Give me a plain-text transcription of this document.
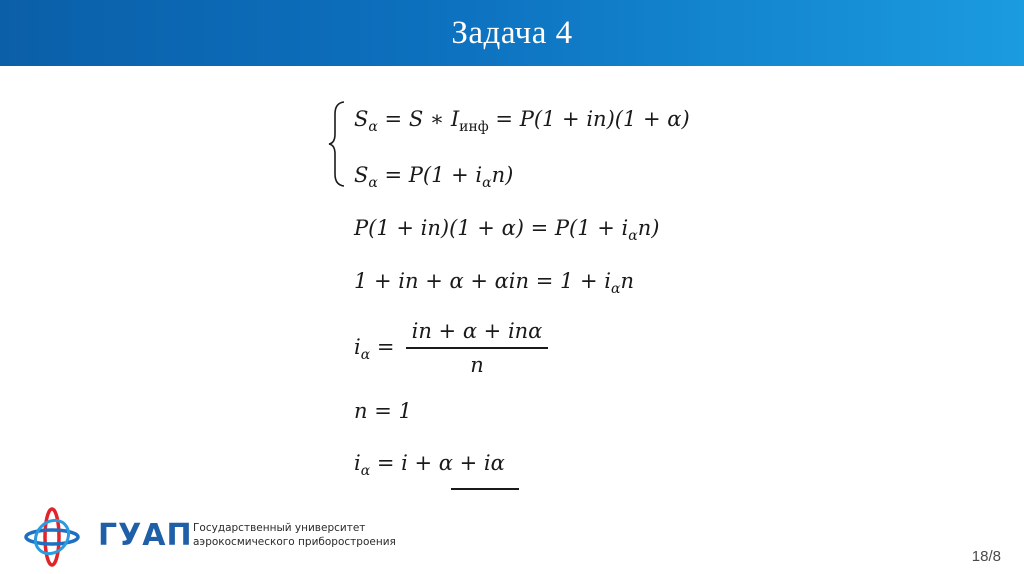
Задача 4
$S_\alpha = S$ ∗ $I_{инф} = P(1 + in)(1 + \alpha)$
$S_\alpha = P(1 + i_\alpha n)$
$P(1 + in)(1 + \alpha) = P(1 + i_\alpha n)$
1 + in + $\alpha + \alpha in = 1 + i_\alpha n$
$i_\alpha$ =
in + α + inα
n
n = 1
$i_\alpha = i + \alpha + i\alpha$
ГУАП Государственный университет
аэрокосмического приборостроения
18/8
